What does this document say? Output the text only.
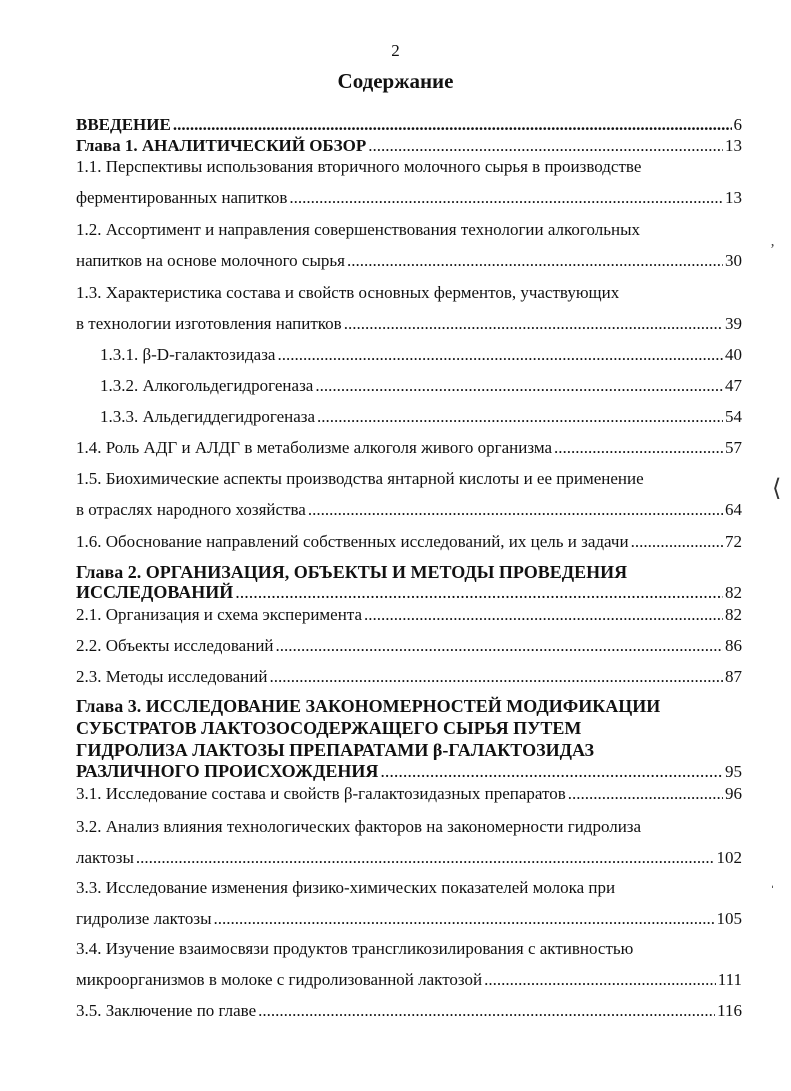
2
Содержание
ВВЕДЕНИЕ .....	6
Глава 1. АНАЛИТИЧЕСКИЙ ОБЗОР .....	13
1.1. Перспективы использования вторичного молочного сырья в производстве
ферментированных напитков .....	13
1.2. Ассортимент и направления совершенствования технологии алкогольных
напитков на основе молочного сырья .....	30
1.3. Характеристика состава и свойств основных ферментов, участвующих
в технологии изготовления напитков .....	39
1.3.1. β-D-галактозидаза .....	40
1.3.2. Алкогольдегидрогеназа .....	47
1.3.3. Альдегиддегидрогеназа .....	54
1.4. Роль АДГ и АЛДГ в метаболизме алкоголя живого организма .....	57
1.5. Биохимические аспекты производства янтарной кислоты и ее применение
в отраслях народного хозяйства .....	64
1.6. Обоснование направлений собственных исследований, их цель и задачи .....	72
Глава 2. ОРГАНИЗАЦИЯ, ОБЪЕКТЫ И МЕТОДЫ ПРОВЕДЕНИЯ
ИССЛЕДОВАНИЙ .....	82
2.1. Организация и схема эксперимента .....	82
2.2. Объекты исследований .....	86
2.3. Методы исследований .....	87
Глава 3. ИССЛЕДОВАНИЕ ЗАКОНОМЕРНОСТЕЙ МОДИФИКАЦИИ
СУБСТРАТОВ ЛАКТОЗОСОДЕРЖАЩЕГО СЫРЬЯ ПУТЕМ
ГИДРОЛИЗА ЛАКТОЗЫ ПРЕПАРАТАМИ β-ГАЛАКТОЗИДАЗ
РАЗЛИЧНОГО ПРОИСХОЖДЕНИЯ .....	95
3.1. Исследование состава и свойств β-галактозидазных препаратов .....	96
3.2. Анализ влияния технологических факторов на закономерности гидролиза
лактозы .....	102
3.3. Исследование изменения физико-химических показателей молока при
гидролизе лактозы .....	105
3.4. Изучение взаимосвязи продуктов трансгликозилирования с активностью
микроорганизмов в молоке с гидролизованной лактозой .....	111
3.5. Заключение по главе .....	116
ʼ
⟨
ˈ
